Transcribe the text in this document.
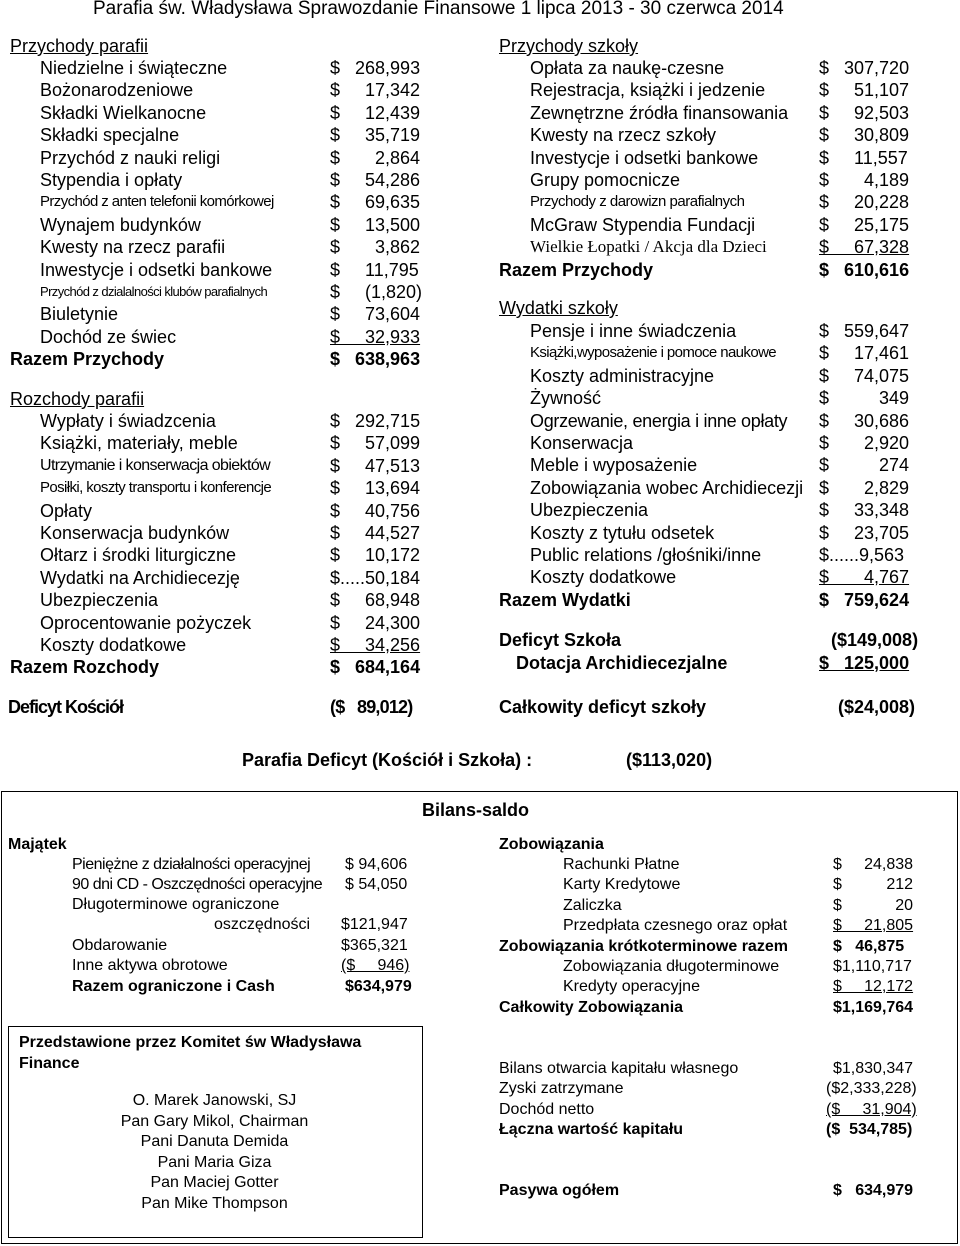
Parafia św. Władysława Sprawozdanie Finansowe 1 lipca 2013 - 30 czerwca 2014
Przychody parafii
Rozchody parafii
Deficyt Kościół	($   89,012)
Przychody szkoły
Wydatki szkoły
Deficyt Szkoła	($149,008)
Dotacja Archidiecezjalne	$   125,000
Całkowity deficyt szkoły	($24,008)
Parafia Deficyt (Kościół i Szkoła) :	($113,020)
Bilans-saldo
Majątek
Pieniężne z działalności operacyjnej $ 94,606
90 dni CD - Oszczędności operacyjne $ 54,050
Długoterminowe ograniczone
oszczędności $121,947
Obdarowanie	$365,321
Inne aktywa obrotowe	($     946)
Razem ograniczone i Cash	$634,979
Zobowiązania
Zobowiązania krótkoterminowe razem	$   46,875
Zobowiązania długoterminowe	$1,110,717
Kredyty operacyjne	$     12,172
Całkowity Zobowiązania	$1,169,764
Bilans otwarcia kapitału własnego	$1,830,347
Zyski zatrzymane	($2,333,228)
Dochód netto	($     31,904)
Łączna wartość kapitału	($  534,785)
Pasywa ogółem	$   634,979
Przedstawione przez Komitet św Władysława
Finance
Niedzielne i świąteczne	$   268,993
Bożonarodzeniowe	$     17,342
Składki Wielkanocne	$     12,439
Składki specjalne	$     35,719
Przychód z nauki religi	$       2,864
Stypendia i opłaty	$     54,286
Przychód z anten telefonii komórkowej	$     69,635
Wynajem budynków	$     13,500
Kwesty na rzecz parafii	$       3,862
Inwestycje i odsetki bankowe	$     11,795
Przychód z dzialalności klubów parafialnych	$     (1,820)
Biuletynie	$     73,604
Dochód ze świec	$     32,933
Razem Przychody	$   638,963
Wypłaty i świadzcenia	$   292,715
Książki, materiały, meble	$     57,099
Utrzymanie i konserwacja obiektów	$     47,513
Posiłki, koszty transportu i konferencje	$     13,694
Opłaty	$     40,756
Konserwacja budynków	$     44,527
Ołtarz i środki liturgiczne	$     10,172
Wydatki na Archidiecezję	$.....50,184
Ubezpieczenia	$     68,948
Oprocentowanie pożyczek	$     24,300
Koszty dodatkowe	$     34,256
Razem Rozchody	$   684,164
Opłata za naukę-czesne	$   307,720
Rejestracja, książki i jedzenie	$     51,107
Zewnętrzne źródła finansowania $     92,503
Kwesty na rzecz szkoły	$     30,809
Investycje i odsetki bankowe	$     11,557
Grupy pomocnicze	$       4,189
Przychody z darowizn parafialnych	$     20,228
McGraw Stypendia Fundacji	$     25,175
Wielkie Łopatki / Akcja dla Dzieci	$     67,328
Razem Przychody	$   610,616
Pensje i inne świadczenia	$   559,647
Książki,wyposażenie i pomoce naukowe $     17,461
Koszty administracyjne	$     74,075
Żywność	$          349
Ogrzewanie, energia i inne opłaty $     30,686
Konserwacja	$       2,920
Meble i wyposażenie	$          274
Zobowiązania wobec Archidiecezji $       2,829
Ubezpieczenia	$     33,348
Koszty z tytułu odsetek	$     23,705
Public relations /głośniki/inne	$......9,563
Koszty dodatkowe	$       4,767
Razem Wydatki	$   759,624
Rachunki Płatne	$     24,838
Karty Kredytowe	$          212
Zaliczka	$            20
Przedpłata czesnego oraz opłat	$     21,805
O. Marek Janowski, SJ
Pan Gary Mikol, Chairman
Pani Danuta Demida
Pani Maria Giza
Pan Maciej Gotter
Pan Mike Thompson
